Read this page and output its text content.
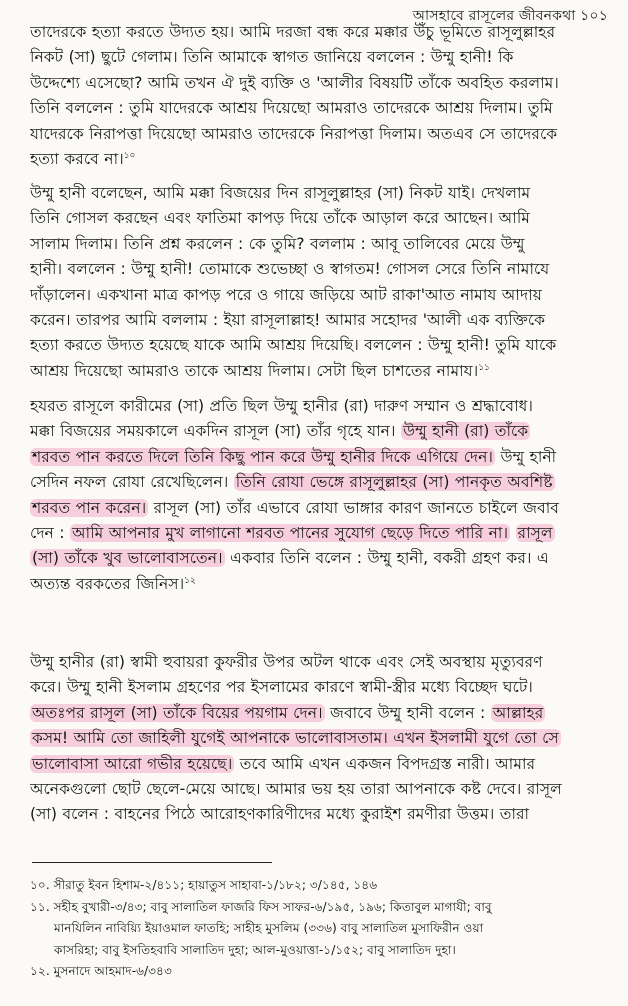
আসহাবে রাসূলের জীবনকথা ১০১
তাদেরকে হত্যা করতে উদ্যত হয়। আমি দরজা বন্ধ করে মক্কার উঁচু ভূমিতে রাসূলুল্লাহর
নিকট (সা) ছুটে গেলাম। তিনি আমাকে স্বাগত জানিয়ে বললেন : উম্মু হানী! কি
উদ্দেশ্যে এসেছো? আমি তখন ঐ দুই ব্যক্তি ও 'আলীর বিষয়টি তাঁকে অবহিত করলাম।
তিনি বললেন : তুমি যাদেরকে আশ্রয় দিয়েছো আমরাও তাদেরকে আশ্রয় দিলাম। তুমি
যাদেরকে নিরাপত্তা দিয়েছো আমরাও তাদেরকে নিরাপত্তা দিলাম। অতএব সে তাদেরকে
হত্যা করবে না।$^{১০}$
উম্মু হানী বলেছেন, আমি মক্কা বিজয়ের দিন রাসূলুল্লাহর (সা) নিকট যাই। দেখলাম
তিনি গোসল করছেন এবং ফাতিমা কাপড় দিয়ে তাঁকে আড়াল করে আছেন। আমি
সালাম দিলাম। তিনি প্রশ্ন করলেন : কে তুমি? বললাম : আবূ তালিবের মেয়ে উম্মু
হানী। বললেন : উম্মু হানী! তোমাকে শুভেচ্ছা ও স্বাগতম! গোসল সেরে তিনি নামাযে
দাঁড়ালেন। একখানা মাত্র কাপড় পরে ও গায়ে জড়িয়ে আট রাকা'আত নামায আদায়
করেন। তারপর আমি বললাম : ইয়া রাসূলাল্লাহ! আমার সহোদর 'আলী এক ব্যক্তিকে
হত্যা করতে উদ্যত হয়েছে যাকে আমি আশ্রয় দিয়েছি। বললেন : উম্মু হানী! তুমি যাকে
আশ্রয় দিয়েছো আমরাও তাকে আশ্রয় দিলাম। সেটা ছিল চাশতের নামায।$^{১১}$
হযরত রাসূলে কারীমের (সা) প্রতি ছিল উম্মু হানীর (রা) দারুণ সম্মান ও শ্রদ্ধাবোধ।
মক্কা বিজয়ের সময়কালে একদিন রাসূল (সা) তাঁর গৃহে যান। উম্মু হানী (রা) তাঁকে
শরবত পান করতে দিলে তিনি কিছু পান করে উম্মু হানীর দিকে এগিয়ে দেন। উম্মু হানী
সেদিন নফল রোযা রেখেছিলেন। তিনি রোযা ভেঙ্গে রাসূলুল্লাহর (সা) পানকৃত অবশিষ্ট
শরবত পান করেন। রাসূল (সা) তাঁর এভাবে রোযা ভাঙ্গার কারণ জানতে চাইলে জবাব
দেন : আমি আপনার মুখ লাগানো শরবত পানের সুযোগ ছেড়ে দিতে পারি না। রাসূল
(সা) তাঁকে খুব ভালোবাসতেন। একবার তিনি বলেন : উম্মু হানী, বকরী গ্রহণ কর। এ
অত্যন্ত বরকতের জিনিস।$^{১২}$
উম্মু হানীর (রা) স্বামী হুবায়রা কুফরীর উপর অটল থাকে এবং সেই অবস্থায় মৃত্যুবরণ
করে। উম্মু হানী ইসলাম গ্রহণের পর ইসলামের কারণে স্বামী-স্ত্রীর মধ্যে বিচ্ছেদ ঘটে।
অতঃপর রাসূল (সা) তাঁকে বিয়ের পয়গাম দেন। জবাবে উম্মু হানী বলেন : আল্লাহর
কসম! আমি তো জাহিলী যুগেই আপনাকে ভালোবাসতাম। এখন ইসলামী যুগে তো সে
ভালোবাসা আরো গভীর হয়েছে। তবে আমি এখন একজন বিপদগ্রস্ত নারী। আমার
অনেকগুলো ছোট ছেলে-মেয়ে আছে। আমার ভয় হয় তারা আপনাকে কষ্ট দেবে। রাসূল
(সা) বলেন : বাহনের পিঠে আরোহণকারিণীদের মধ্যে কুরাইশ রমণীরা উত্তম। তারা
১০. সীরাতু ইবন হিশাম-২/৪১১; হায়াতুস সাহাবা-১/১৮২; ৩/১৪৫, ১৪৬
১১. সহীহ বুখারী-৩/৪৩; বাবু সালাতিল ফাজরি ফিস সাফর-৬/১৯৫, ১৯৬; কিতাবুল মাগাযী; বাবু
মানযিলিন নাবিয়্যি ইয়াওমাল ফাতহি; সাহীহ মুসলিম (৩৩৬) বাবু সালাতিল মুসাফিরীন ওয়া
কাসরিহা; বাবু ইসতিহবাবি সালাতিদ দুহা; আল-মুওয়াত্তা-১/১৫২; বাবু সালাতিদ দুহা।
১২. মুসনাদে আহমাদ-৬/৩৪৩
